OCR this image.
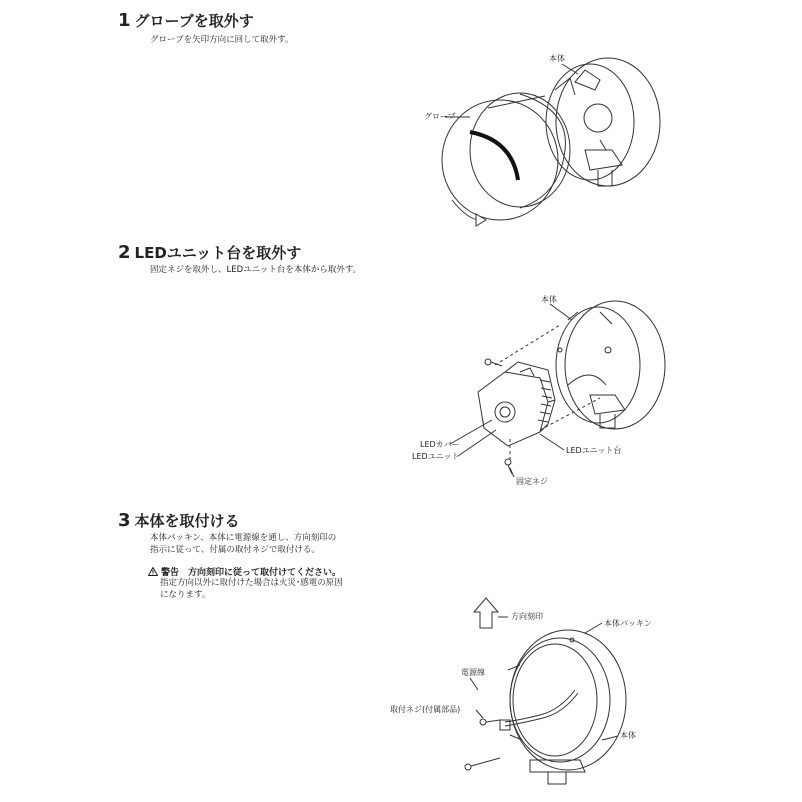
1 グローブを取外す
グローブを矢印方向に回して取外す。
2 LEDユニット台を取外す
固定ネジを取外し、LEDユニット台を本体から取外す。
3 本体を取付ける
本体パッキン、本体に電源線を通し、方向刻印の
指示に従って、付属の取付ネジで取付ける。
警告　方向刻印に従って取付けてください。
指定方向以外に取付けた場合は火災･感電の原因
になります。
本体
グローブ
本体
LEDカバー
LEDユニット
LEDユニット台
固定ネジ
方向刻印
本体パッキン
電源線
取付ネジ(付属部品)
本体
